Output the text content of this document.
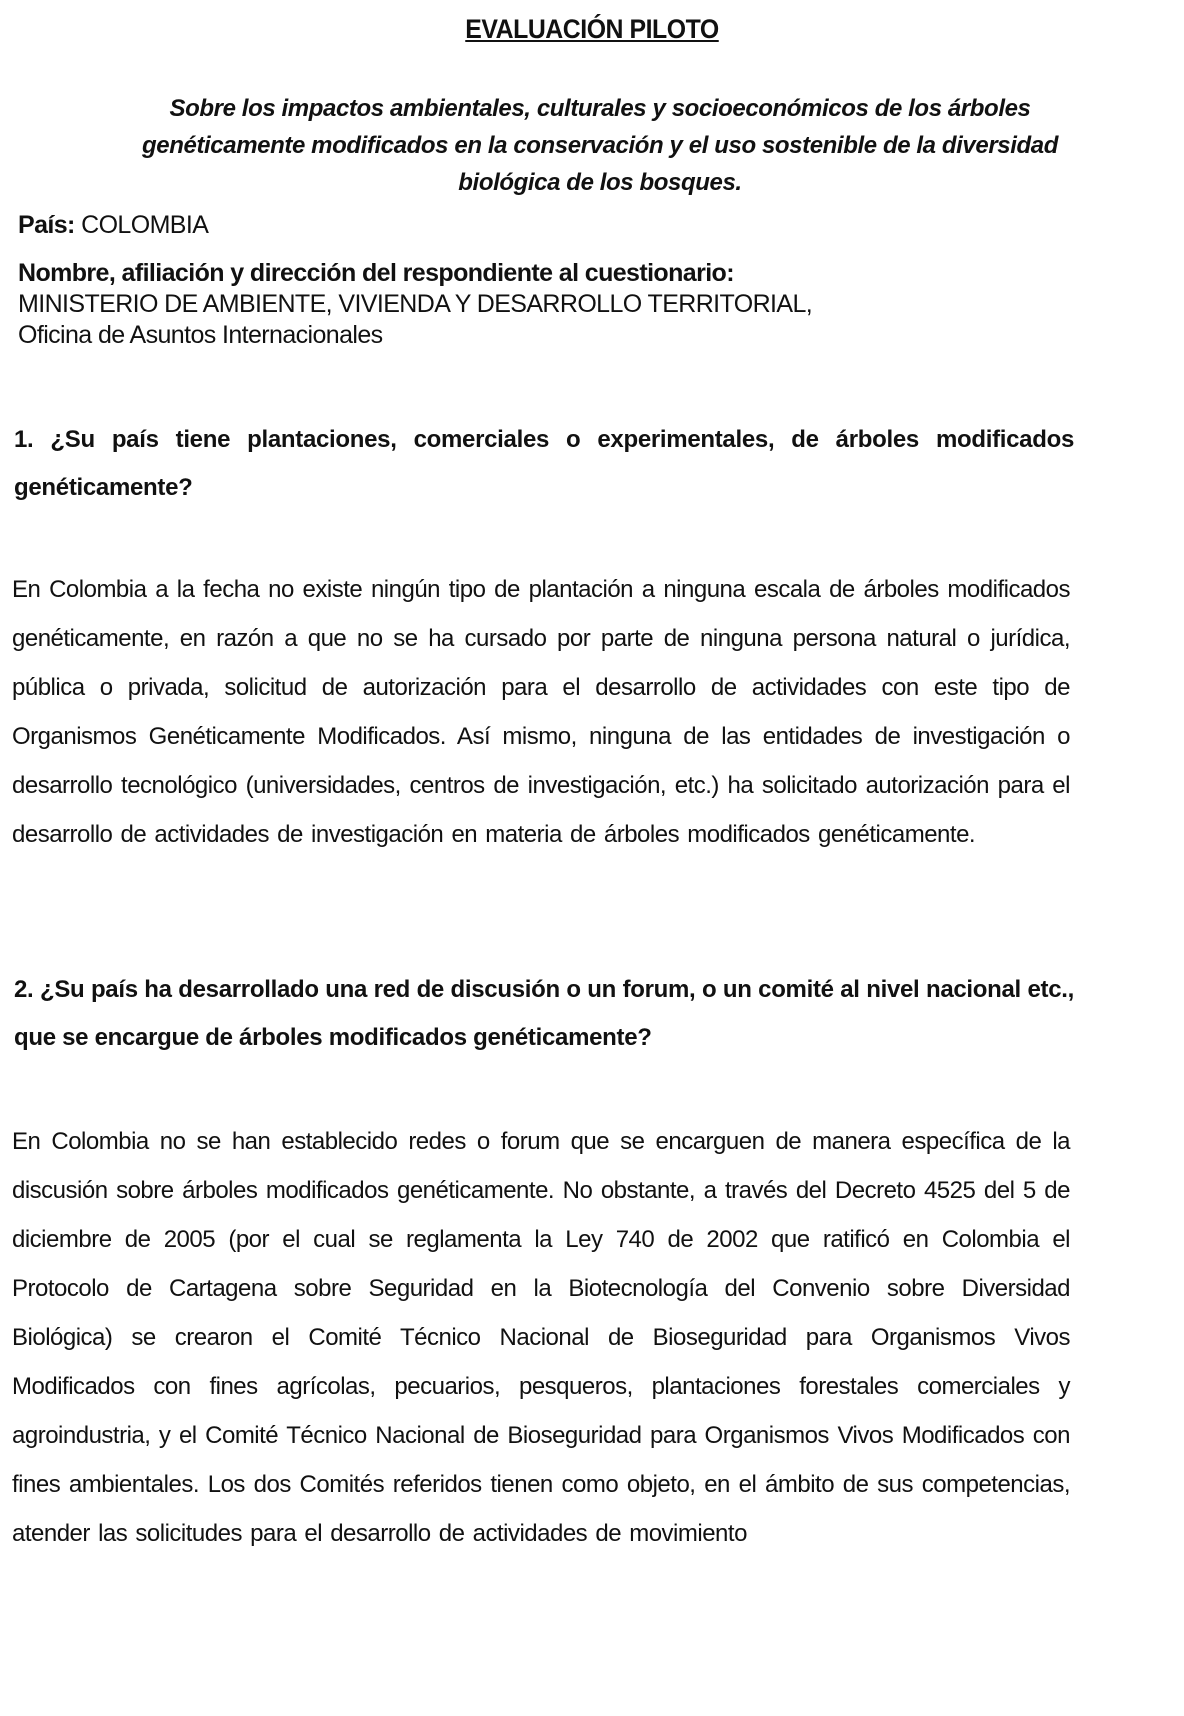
EVALUACIÓN PILOTO
Sobre los impactos ambientales, culturales y socioeconómicos de los árboles genéticamente modificados en la conservación y el uso sostenible de la diversidad biológica de los bosques.
País: COLOMBIA
Nombre, afiliación y dirección del respondiente al cuestionario:
MINISTERIO DE AMBIENTE, VIVIENDA Y DESARROLLO TERRITORIAL,
Oficina de Asuntos Internacionales
1. ¿Su país tiene plantaciones, comerciales o experimentales, de árboles modificados genéticamente?
En Colombia a la fecha no existe ningún tipo de plantación a ninguna escala de árboles modificados genéticamente, en razón a que no se ha cursado por parte de ninguna persona natural o jurídica, pública o privada, solicitud de autorización para el desarrollo de actividades con este tipo de Organismos Genéticamente Modificados. Así mismo, ninguna de las entidades de investigación o desarrollo tecnológico (universidades, centros de investigación, etc.) ha solicitado autorización para el desarrollo de actividades de investigación en materia de árboles modificados genéticamente.
2. ¿Su país ha desarrollado una red de discusión o un forum, o un comité al nivel nacional etc., que se encargue de árboles modificados genéticamente?
En Colombia no se han establecido redes o forum que se encarguen de manera específica de la discusión sobre árboles modificados genéticamente. No obstante, a través del Decreto 4525 del 5 de diciembre de 2005 (por el cual se reglamenta la Ley 740 de 2002 que ratificó en Colombia el Protocolo de Cartagena sobre Seguridad en la Biotecnología del Convenio sobre Diversidad Biológica) se crearon el Comité Técnico Nacional de Bioseguridad para Organismos Vivos Modificados con fines agrícolas, pecuarios, pesqueros, plantaciones forestales comerciales y agroindustria, y el Comité Técnico Nacional de Bioseguridad para Organismos Vivos Modificados con fines ambientales. Los dos Comités referidos tienen como objeto, en el ámbito de sus competencias, atender las solicitudes para el desarrollo de actividades de movimiento
